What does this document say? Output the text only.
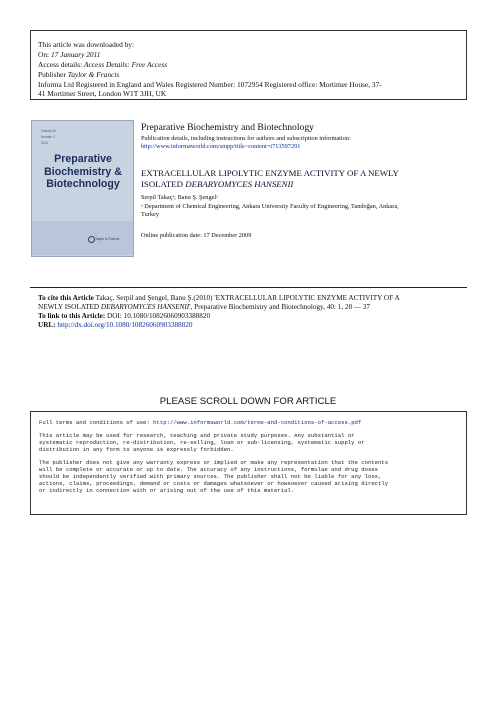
This article was downloaded by:
On: 17 January 2011
Access details: Access Details: Free Access
Publisher Taylor & Francis
Informa Ltd Registered in England and Wales Registered Number: 1072954 Registered office: Mortimer House, 37-
41 Mortimer Street, London W1T 3JH, UK
Volume 40
Number 1
2010
Preparative Biochemistry & Biotechnology
Taylor & Francis
Preparative Biochemistry and Biotechnology
Publication details, including instructions for authors and subscription information:
http://www.informaworld.com/smpp/title~content=t713597291
EXTRACELLULAR LIPOLYTIC ENZYME ACTIVITY OF A NEWLY
ISOLATED DEBARYOMYCES HANSENII
Serpil Takaçᵃ; Banu Ş. Şengelᵃ
ᵃ Department of Chemical Engineering, Ankara University Faculty of Engineering, Tandoğan, Ankara,
Turkey
Online publication date: 17 December 2009
To cite this Article Takaç, Serpil and Şengel, Banu Ş.(2010) 'EXTRACELLULAR LIPOLYTIC ENZYME ACTIVITY OF A
NEWLY ISOLATED DEBARYOMYCES HANSENII', Preparative Biochemistry and Biotechnology, 40: 1, 28 — 37
To link to this Article: DOI: 10.1080/10826060903388820
URL: http://dx.doi.org/10.1080/10826060903388820
PLEASE SCROLL DOWN FOR ARTICLE
Full terms and conditions of use: http://www.informaworld.com/terms-and-conditions-of-access.pdf
This article may be used for research, teaching and private study purposes. Any substantial or
systematic reproduction, re-distribution, re-selling, loan or sub-licensing, systematic supply or
distribution in any form to anyone is expressly forbidden.
The publisher does not give any warranty express or implied or make any representation that the contents
will be complete or accurate or up to date. The accuracy of any instructions, formulae and drug doses
should be independently verified with primary sources. The publisher shall not be liable for any loss,
actions, claims, proceedings, demand or costs or damages whatsoever or howsoever caused arising directly
or indirectly in connection with or arising out of the use of this material.
